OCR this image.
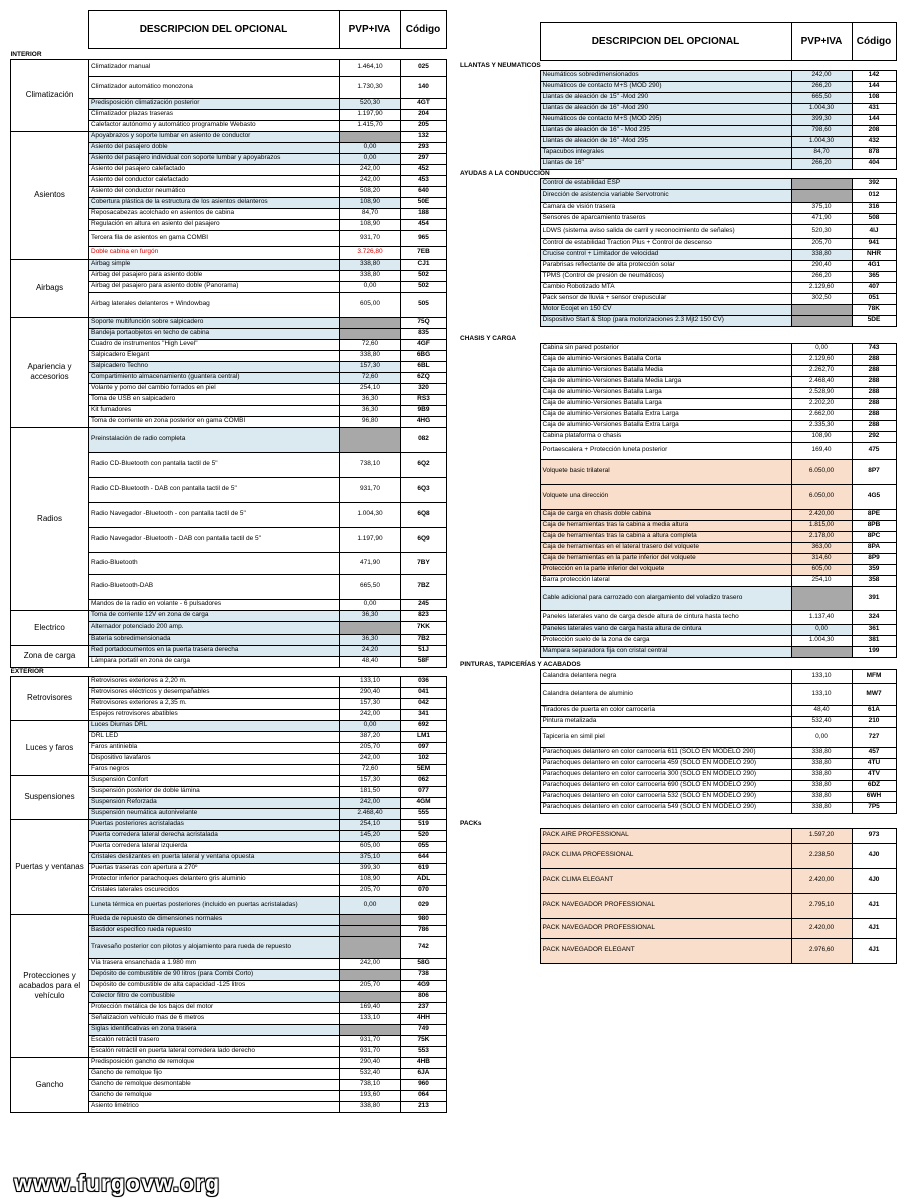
	DESCRIPCION DEL OPCIONAL	PVP+IVA	Código
INTERIOR			
Climatización	Climatizador manual	1.464,10	025
	Climatizador automático monozona	1.730,30	140
	Predisposición climatización posterior	520,30	4GT
	Climatizador plazas traseras	1.197,90	204
	Calefactor autónomo y automático programable Webasto	1.415,70	205
Asientos	Apoyabrazos y soporte lumbar en asiento de conductor		132
	Asiento del pasajero doble	0,00	293
	Asiento del pasajero individual con soporte lumbar y apoyabrazos	0,00	297
	Asiento del pasajero calefactado	242,00	452
	Asiento del conductor calefactado	242,00	453
	Asiento del conductor neumático	508,20	640
	Cobertura plástica de la estructura de los asientos delanteros	108,90	50E
	Reposacabezas acolchado en asientos de cabina	84,70	188
	Regulación en altura en asiento del pasajero	108,90	454
	Tercera fila de asientos en gama COMBI	931,70	965
	Doble cabina en furgón	3.726,80	7EB
Airbags	Airbag simple	338,80	CJ1
	Airbag del pasajero para asiento doble	338,80	502
	Airbag del pasajero para asiento doble (Panorama)	0,00	502
	Airbag laterales delanteros + Windowbag	605,00	505
Apariencia y accesorios	Soporte multifunción sobre salpicadero		75Q
	Bandeja portaobjetos en techo de cabina		835
	Cuadro de instrumentos "High Level"	72,60	4GF
	Salpicadero Elegant	338,80	6BG
	Salpicadero Techno	157,30	6BL
	Compartimiento almacenamiento (guantera central)	72,60	6ZQ
	Volante y pomo del cambio forrados en piel	254,10	320
	Toma de USB en salpicadero	36,30	RS3
	Kit fumadores	36,30	9B9
	Toma de corriente en zona posterior en gama COMBI	96,80	4HG
Radios	Preinstalación de radio completa		082
	Radio CD-Bluetooth con pantalla tactil de 5"	738,10	6Q2
	Radio CD-Bluetooth - DAB con pantalla tactil de 5"	931,70	6Q3
	Radio Navegador -Bluetooth - con pantalla tactil de 5"	1.004,30	6Q8
	Radio Navegador -Bluetooth - DAB con pantalla tactil de 5"	1.197,90	6Q9
	Radio-Bluetooth	471,90	7BY
	Radio-Bluetooth-DAB	665,50	7BZ
	Mandos de la radio en volante - 6 pulsadores	0,00	245
Electrico	Toma de corriente 12V en zona de carga	36,30	823
	Alternador potenciado 200 amp.		7KK
	Batería sobredimensionada	36,30	7B2
Zona de carga	Red portadocumentos en la puerta trasera derecha	24,20	51J
	Lámpara portatil en zona de carga	48,40	58F
EXTERIOR			
Retrovisores	Retrovisores exteriores a 2,20 m.	133,10	036
	Retrovisores eléctricos y desempañables	290,40	041
	Retrovisores exteriores a 2,35 m.	157,30	042
	Espejos retrovisores abatibles	242,00	341
Luces y faros	Luces Diurnas DRL	0,00	692
	DRL LED	387,20	LM1
	Faros antiniebla	205,70	097
	Dispositivo lavafaros	242,00	102
	Faros negros	72,60	5EM
Suspensiones	Suspensión Confort	157,30	062
	Suspensión posterior de doble lámina	181,50	077
	Suspensión Reforzada	242,00	4GM
	Suspensión neumática autonivelante	2.468,40	555
Puertas y ventanas	Puertas posteriores acristaladas	254,10	519
	Puerta corredera lateral derecha acristalada	145,20	520
	Puerta corredera lateral izquierda	605,00	055
	Cristales deslizantes en puerta lateral y ventana opuesta	375,10	644
	Puertas traseras con apertura a 270º	399,30	619
	Protector inferior parachoques delantero gris aluminio	108,90	ADL
	Cristales laterales oscurecidos	205,70	070
	Luneta térmica en puertas posteriores (incluido en puertas acristaladas)	0,00	029
Protecciones y acabados para el vehículo	Rueda de repuesto de dimensiones normales		980
	Bastidor especifico rueda repuesto		786
	Travesaño posterior con pilotos y alojamiento para rueda de repuesto		742
	Vía trasera ensanchada a 1.980 mm	242,00	58G
	Depósito de combustible de 90 litros (para Combi Corto)		738
	Depósito de combustible de alta capacidad -125 litros	205,70	4G9
	Colector filtro de combustible		806
	Protección metálica de los bajos del motor	169,40	237
	Señalizacion vehículo mas de 6 metros	133,10	4HH
	Siglas identificativas en zona trasera		749
	Escalón retráctil trasero	931,70	75K
	Escalón retráctil en puerta lateral corredera lado derecho	931,70	553
Gancho	Predisposición gancho de remolque	290,40	4HB
	Gancho de remolque fijo	532,40	6JA
	Gancho de remolque desmontable	738,10	960
	Gancho de remolque	193,60	064
	Asiento limétrico	338,80	213
	DESCRIPCION DEL OPCIONAL	PVP+IVA	Código
LLANTAS Y NEUMATICOS			
	Neumáticos sobredimensionados	242,00	142
	Neumáticos de contacto M+S (MOD 290)	266,20	144
	Llantas de aleación de 15" -Mod 290	665,50	108
	Llantas de aleación de 16" -Mod 290	1.004,30	431
	Neumáticos de contacto M+S (MOD 295)	399,30	144
	Llantas de aleación de 16" - Mod 295	798,60	208
	Llantas de aleación de 16" -Mod 295	1.004,30	432
	Tapacubos integrales	84,70	878
	Llantas de 16"	266,20	404
AYUDAS A LA CONDUCCIÓN			
	Control de estabilidad ESP		392
	Dirección de asistencia variable Servotronic		012
	Camara de visión trasera	375,10	316
	Sensores de aparcamiento traseros	471,90	508
	LDWS (sistema aviso salida de carril y reconocimiento de señales)	520,30	4lJ
	Control de estabilidad Traction Plus + Control de descenso	205,70	941
	Crucise control + Limitador de velocidad	338,80	NHR
	Parabrisas reflectante de alta protección solar	290,40	4G1
	TPMS (Control de presión de neumáticos)	266,20	365
	Cambio Robotizado MTA	2.129,60	407
	Pack sensor de lluvia + sensor crepuscular	302,50	051
	Motor Ecojet en 150 CV		78K
	Dispositivo Start & Stop (para motorizaciones 2.3 Mjt2 150 CV)		5DE
CHASIS Y CARGA			
	Cabina sin pared posterior	0,00	743
	Caja de aluminio-Versiones Batalla Corta	2.129,60	288
	Caja de aluminio-Versiones Batalla Media	2.262,70	288
	Caja de aluminio-Versiones Batalla Media Larga	2.468,40	288
	Caja de aluminio-Versiones Batalla Larga	2.528,90	288
	Caja de aluminio-Versiones Batalla Larga	2.202,20	288
	Caja de aluminio-Versiones Batalla Extra Larga	2.662,00	288
	Caja de aluminio-Versiones Batalla Extra Larga	2.335,30	288
	Cabina plataforma o chasis	108,90	292
	Portaescalera + Protección luneta posterior	169,40	475
	Volquete basic trilateral	6.050,00	8P7
	Volquete una dirección	6.050,00	4G5
	Caja de carga en chasis doble cabina	2.420,00	8PE
	Caja de herramientas tras la cabina a media altura	1.815,00	8PB
	Caja de herramientas tras la cabina a altura completa	2.178,00	8PC
	Caja de herramientas en el lateral trasero del volquete	363,00	8PA
	Caja de herramientas en la parte inferior del volquete	314,60	8P9
	Protección en la parte inferior del volquete	605,00	359
	Barra protección lateral	254,10	358
	Cable adicional para carrozado con alargamiento del voladizo trasero		391
	Paneles laterales vano de carga desde altura de cintura hasta techo	1.137,40	324
	Paneles laterales vano de carga hasta altura de cintura	0,00	361
	Protección suelo de la zona de carga	1.004,30	381
	Mampara separadora fija con cristal central		199
PINTURAS, TAPICERÍAS Y ACABADOS			
	Calandra delantera negra	133,10	MFM
	Calandra delantera de aluminio	133,10	MW7
	Tiradores de puerta en color carrocería	48,40	61A
	Pintura metalizada	532,40	210
	Tapicería en simil piel	0,00	727
	Parachoques delantero en color carrocería 611 (SOLO EN MODELO 290)	338,80	457
	Parachoques delantero en color carrocería 459 (SOLO EN MODELO 290)	338,80	4TU
	Parachoques delantero en color carrocería 300 (SOLO EN MODELO 290)	338,80	4TV
	Parachoques delantero en color carrocería 690 (SOLO EN MODELO 290)	338,80	6DZ
	Parachoques delantero en color carrocería 532 (SOLO EN MODELO 290)	338,80	6WH
	Parachoques delantero en color carrocería 549 (SOLO EN MODELO 290)	338,80	7P5
PACKs			
	PACK AIRE PROFESSIONAL	1.597,20	973
	PACK CLIMA PROFESSIONAL	2.238,50	4J0
	PACK CLIMA ELEGANT	2.420,00	4J0
	PACK NAVEGADOR PROFESSIONAL	2.795,10	4J1
	PACK NAVEGADOR PROFESSIONAL	2.420,00	4J1
	PACK NAVEGADOR ELEGANT	2.976,60	4J1
www.furgovw.org
